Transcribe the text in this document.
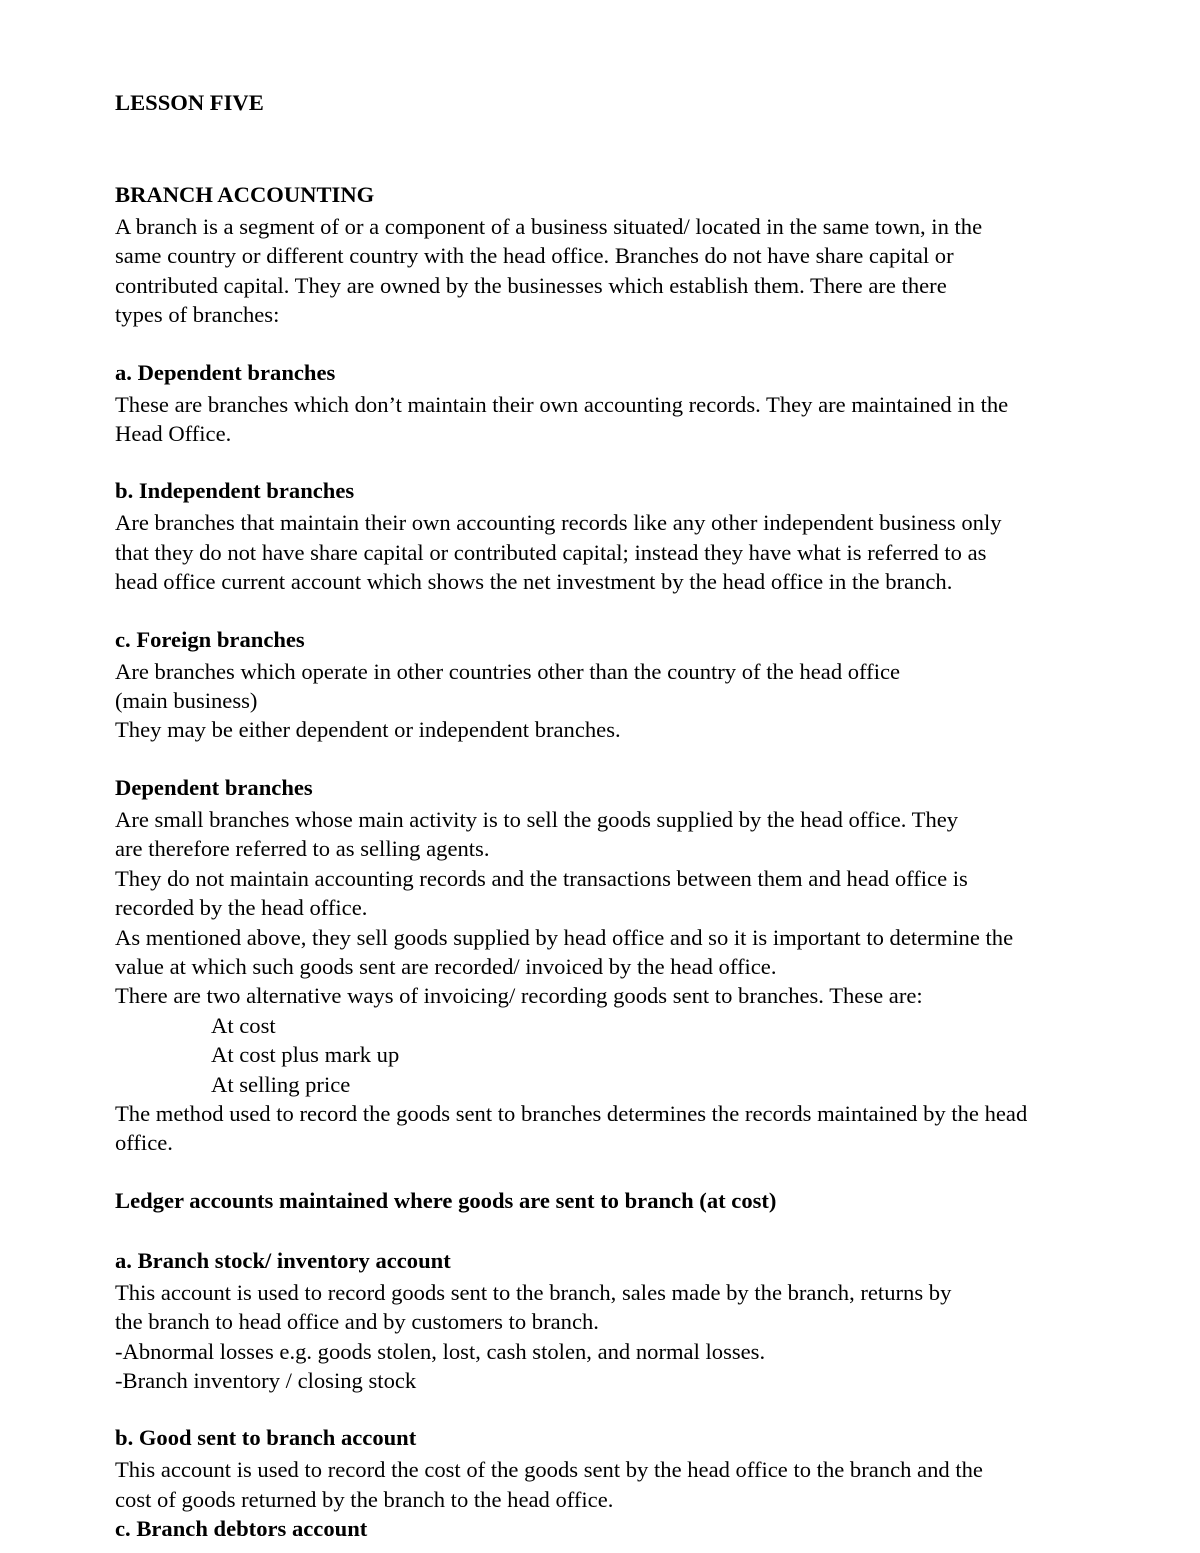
LESSON FIVE
BRANCH ACCOUNTING
A branch is a segment of or a component of a business situated/ located in the same town, in the
same country or different country with the head office. Branches do not have share capital or
contributed capital. They are owned by the businesses which establish them. There are there
types of branches:
a. Dependent branches
These are branches which don’t maintain their own accounting records. They are maintained in the
Head Office.
b. Independent branches
Are branches that maintain their own accounting records like any other independent business only
that they do not have share capital or contributed capital; instead they have what is referred to as
head office current account which shows the net investment by the head office in the branch.
c. Foreign branches
Are branches which operate in other countries other than the country of the head office
(main business)
They may be either dependent or independent branches.
Dependent branches
Are small branches whose main activity is to sell the goods supplied by the head office. They
are therefore referred to as selling agents.
They do not maintain accounting records and the transactions between them and head office is
recorded by the head office.
As mentioned above, they sell goods supplied by head office and so it is important to determine the
value at which such goods sent are recorded/ invoiced by the head office.
There are two alternative ways of invoicing/ recording goods sent to branches. These are:
At cost
At cost plus mark up
At selling price
The method used to record the goods sent to branches determines the records maintained by the head
office.
Ledger accounts maintained where goods are sent to branch (at cost)
a. Branch stock/ inventory account
This account is used to record goods sent to the branch, sales made by the branch, returns by
the branch to head office and by customers to branch.
-Abnormal losses e.g. goods stolen, lost, cash stolen, and normal losses.
-Branch inventory / closing stock
b. Good sent to branch account
This account is used to record the cost of the goods sent by the head office to the branch and the
cost of goods returned by the branch to the head office.
c. Branch debtors account
